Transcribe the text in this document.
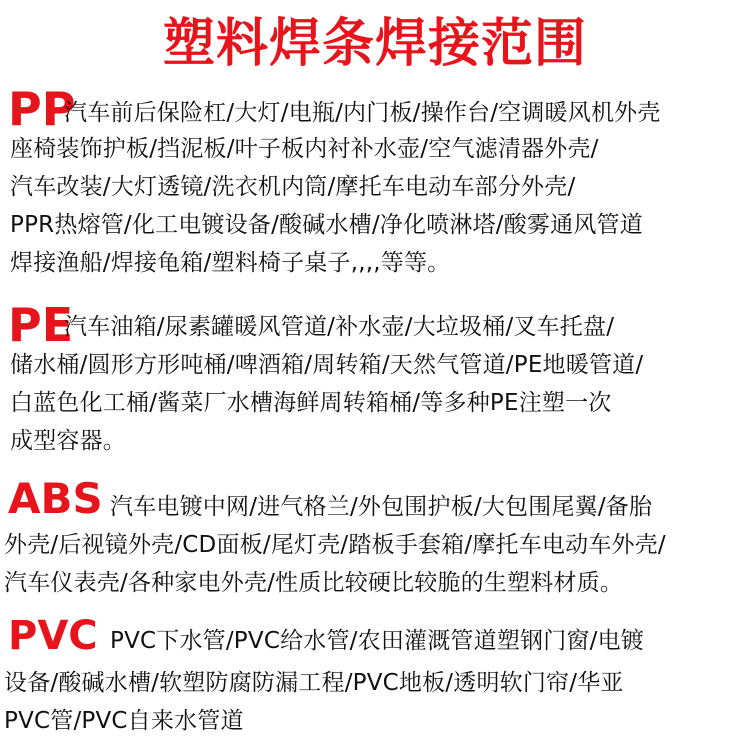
塑料焊条焊接范围
PP
汽车前后保险杠/大灯/电瓶/内门板/操作台/空调暖风机外壳
座椅装饰护板/挡泥板/叶子板内衬补水壶/空气滤清器外壳/
汽车改装/大灯透镜/洗衣机内筒/摩托车电动车部分外壳/
PPR热熔管/化工电镀设备/酸碱水槽/净化喷淋塔/酸雾通风管道
焊接渔船/焊接龟箱/塑料椅子桌子,,,,等等。
PE
汽车油箱/尿素罐暖风管道/补水壶/大垃圾桶/叉车托盘/
储水桶/圆形方形吨桶/啤酒箱/周转箱/天然气管道/PE地暖管道/
白蓝色化工桶/酱菜厂水槽海鲜周转箱桶/等多种PE注塑一次
成型容器。
ABS 汽车电镀中网/进气格兰/外包围护板/大包围尾翼/备胎
外壳/后视镜外壳/CD面板/尾灯壳/踏板手套箱/摩托车电动车外壳/
汽车仪表壳/各种家电外壳/性质比较硬比较脆的生塑料材质。
PVC PVC下水管/PVC给水管/农田灌溉管道塑钢门窗/电镀
设备/酸碱水槽/软塑防腐防漏工程/PVC地板/透明软门帘/华亚
PVC管/PVC自来水管道
